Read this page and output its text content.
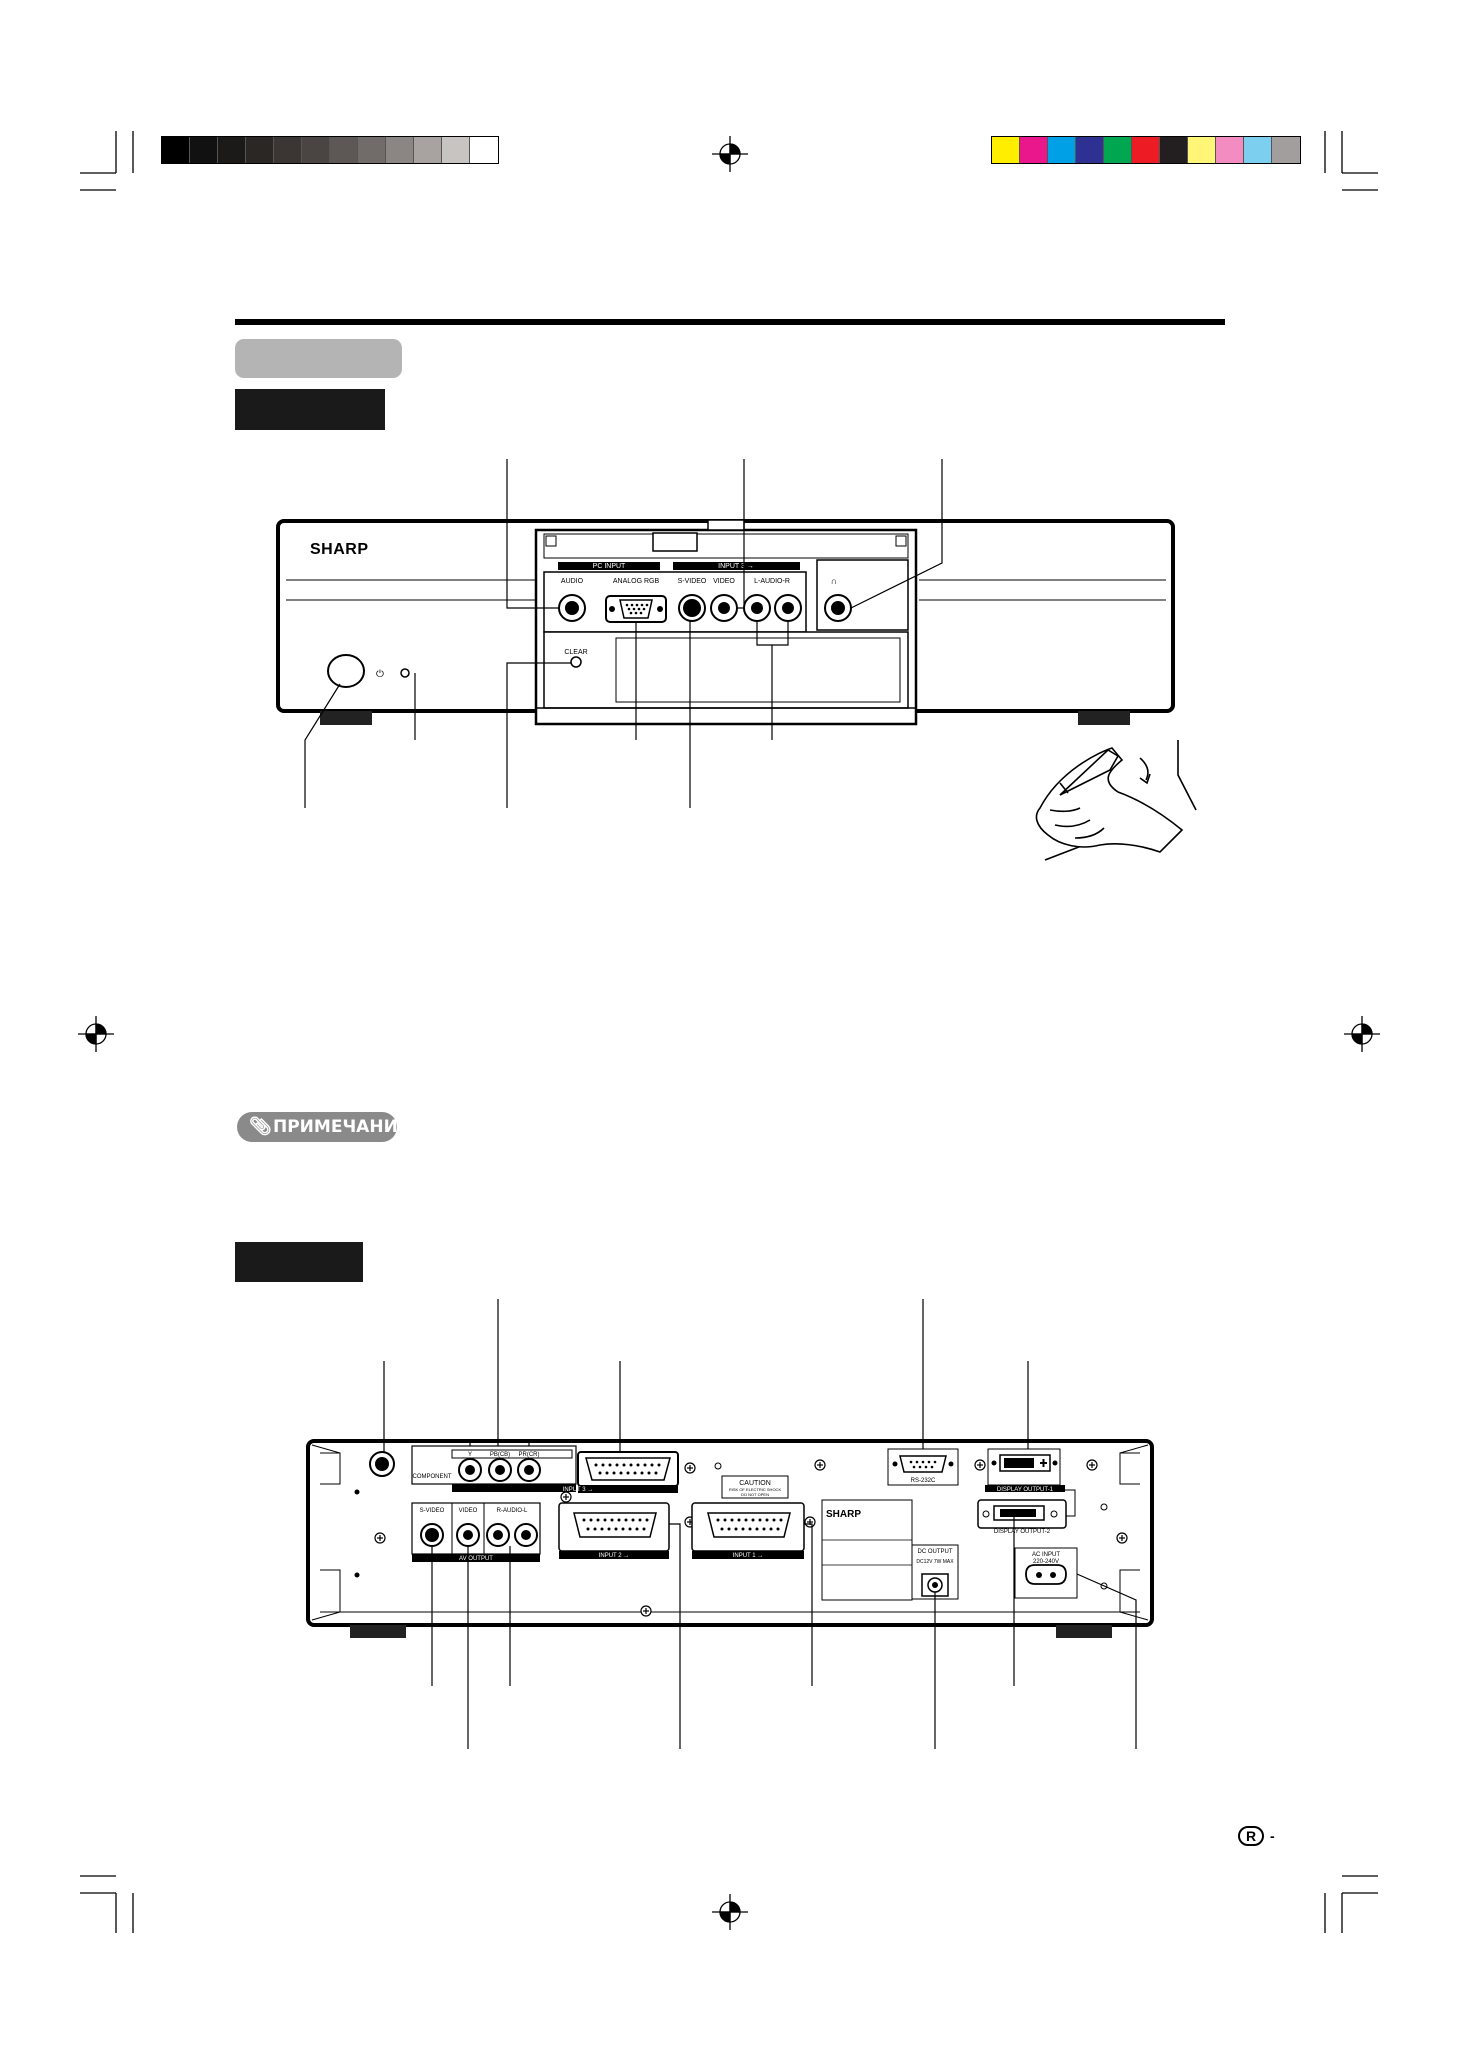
SHARP
PC INPUT	INPUT 3 →
AUDIO	ANALOG RGB	S-VIDEO VIDEO	L-AUDIO-R	∩
CLEAR
⏻
COMPONENT
Y	PB(CB) PR(CR)
INPUT 3 →
S-VIDEO VIDEO	R-AUDIO-L
AV OUTPUT	INPUT 2 →	INPUT 1 →
CAUTION
RISK OF ELECTRIC SHOCK
DO NOT OPEN
SHARP
RS-232C
DISPLAY OUTPUT-1
DISPLAY OUTPUT-2
DC OUTPUT
DC12V 7W MAX
AC INPUT
220-240V
📎︎ ПРИМЕЧАНИЕ
R -
